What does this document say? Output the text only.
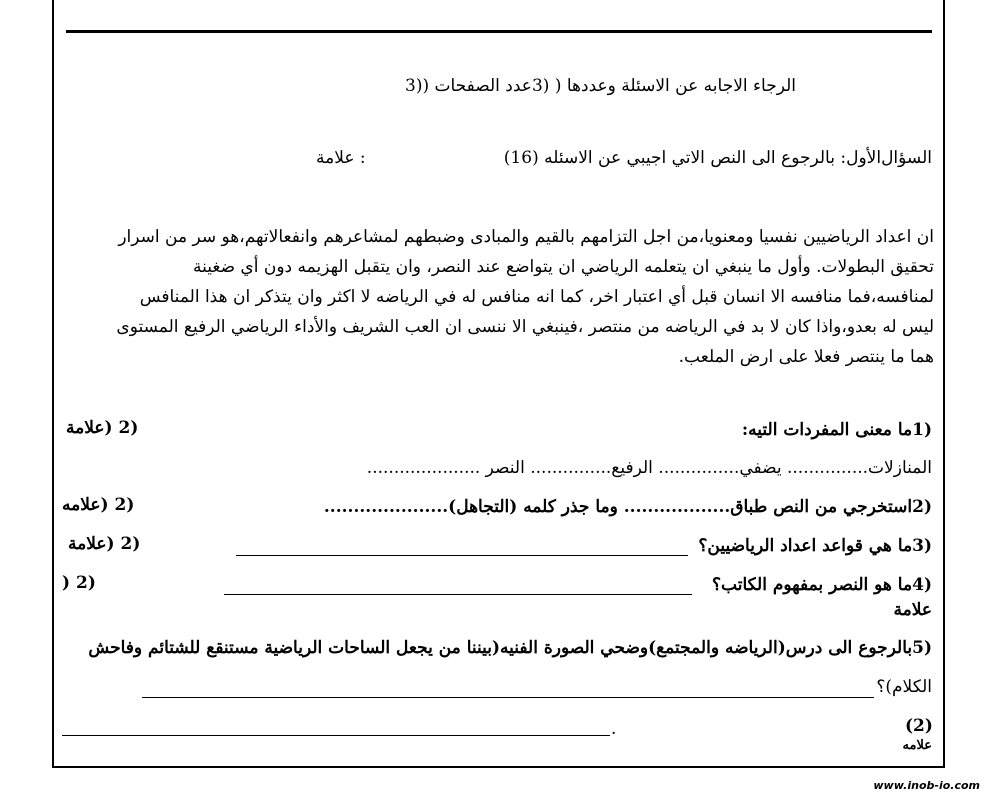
الرجاء الاجابه عن الاسئلة وعددها ( (3عدد الصفحات ((3
السؤال‌الأول: بالرجوع الى النص الاتي اجيبي عن الاسئله (16)
: علامة
ان اعداد الرياضيين نفسيا ومعنويا،من اجل التزامهم بالقيم والمبادى وضبطهم لمشاعرهم وانفعالاتهم،هو سر من اسرار
تحقيق البطولات. وأول ما ينبغي ان يتعلمه الرياضي ان يتواضع عند النصر، وان يتقبل الهزيمه دون أي ضغينة
لمنافسه،فما منافسه الا انسان قبل أي اعتبار اخر، كما انه منافس له في الرياضه لا اكثر وان يتذكر ان هذا المنافس
ليس له بعدو،واذا كان لا بد في الرياضه من منتصر ،فينبغي الا ننسى ان العب الشريف والأداء الرياضي الرفيع المستوى
هما ما ينتصر فعلا على ارض الملعب.
(1ما معنى المفردات التيه:
(2 (علامة
المنازلات............... يضفي............... الرفيع............... النصر .....................
(2استخرجي من النص طباق.................. وما جذر كلمه (التجاهل).....................
(2 (علامه
(3ما هي قواعد اعداد الرياضيين؟
(2 (علامة
(4ما هو النصر بمفهوم الكاتب؟
(2 (
علامة
(5بالرجوع الى درس(الرياضه والمجتمع)وضحي الصورة الفنيه(بيننا من يجعل الساحات الرياضية مستنقع للشتائم وفاحش
الكلام)؟
.	(2)
علامه
www.inob-io.com
